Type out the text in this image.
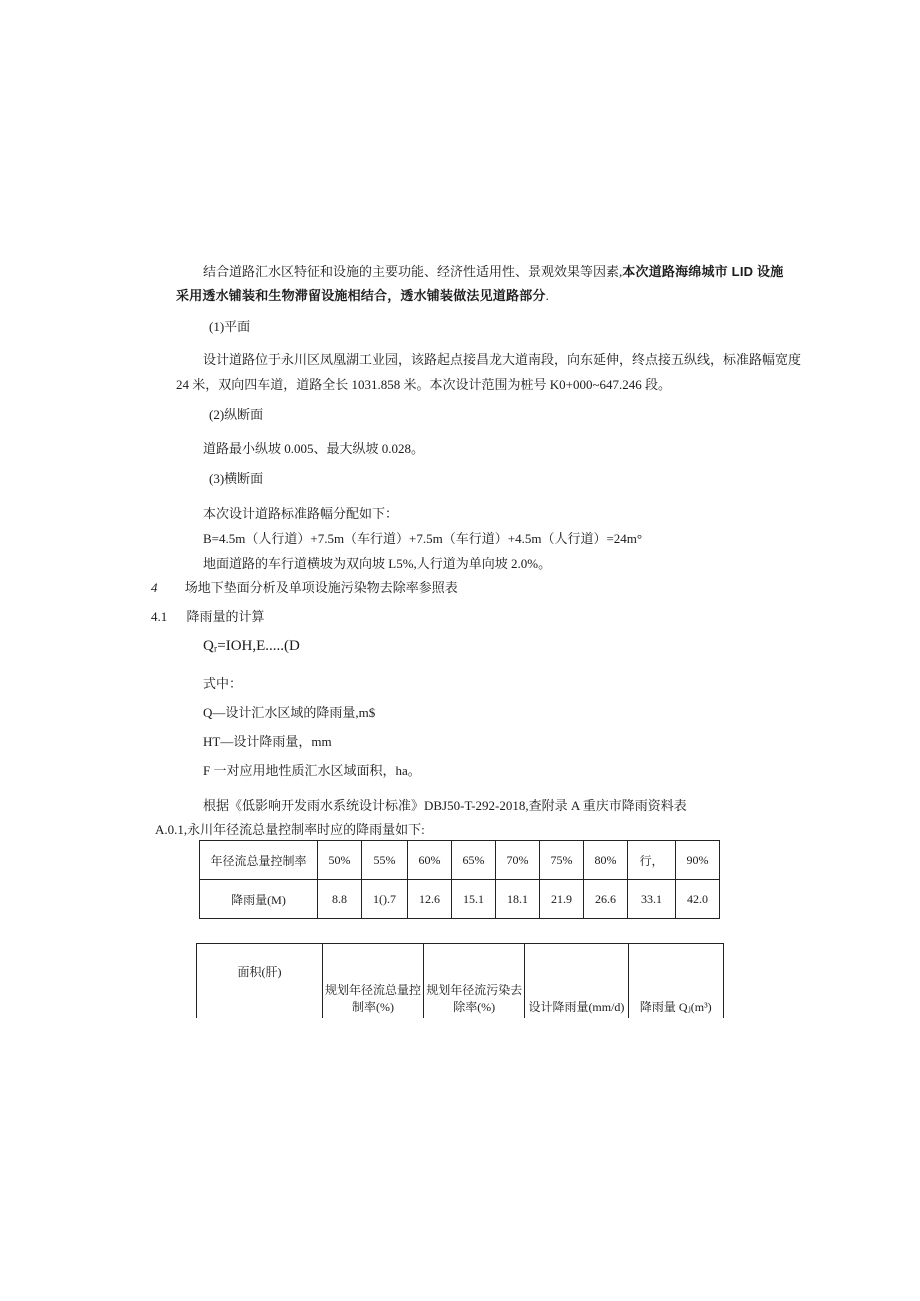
结合道路汇水区特征和设施的主要功能、经济性适用性、景观效果等因素,本次道路海绵城市 LID 设施
采用透水铺装和生物滞留设施相结合，透水铺装做法见道路部分.
(1)平面
设计道路位于永川区凤凰湖工业园，该路起点接昌龙大道南段，向东延伸，终点接五纵线，标准路幅宽度
24 米，双向四车道，道路全长 1031.858 米。本次设计范围为桩号 K0+000~647.246 段。
(2)纵断面
道路最小纵坡 0.005、最大纵坡 0.028。
(3)横断面
本次设计道路标准路幅分配如下：
B=4.5m（人行道）+7.5m（车行道）+7.5m（车行道）+4.5m（人行道）=24m°
地面道路的车行道横坡为双向坡 L5%,人行道为单向坡 2.0%。
4 场地下垫面分析及单项设施污染物去除率参照表
4.1 降雨量的计算
Qᵣ=IOH,E.....(D
式中：
Q—设计汇水区域的降雨量,m$
HT—设计降雨量，mm
F 一对应用地性质汇水区域面积，ha。
根据《低影响开发雨水系统设计标准》DBJ50-T-292-2018,查附录 A 重庆市降雨资料表
A.0.1,永川年径流总量控制率时应的降雨量如下:
年径流总量控制率	50%	55%	60%	65%	70%	75%	80%	行，	90%
降雨量(M)	8.8	1().7	12.6	15.1	18.1	21.9	26.6	33.1	42.0
面积(肝)	规划年径流总量控制率(%)	规划年径流污染去除率(%)	设计降雨量(mm/d)	降雨量 Qⱼ(m³)
